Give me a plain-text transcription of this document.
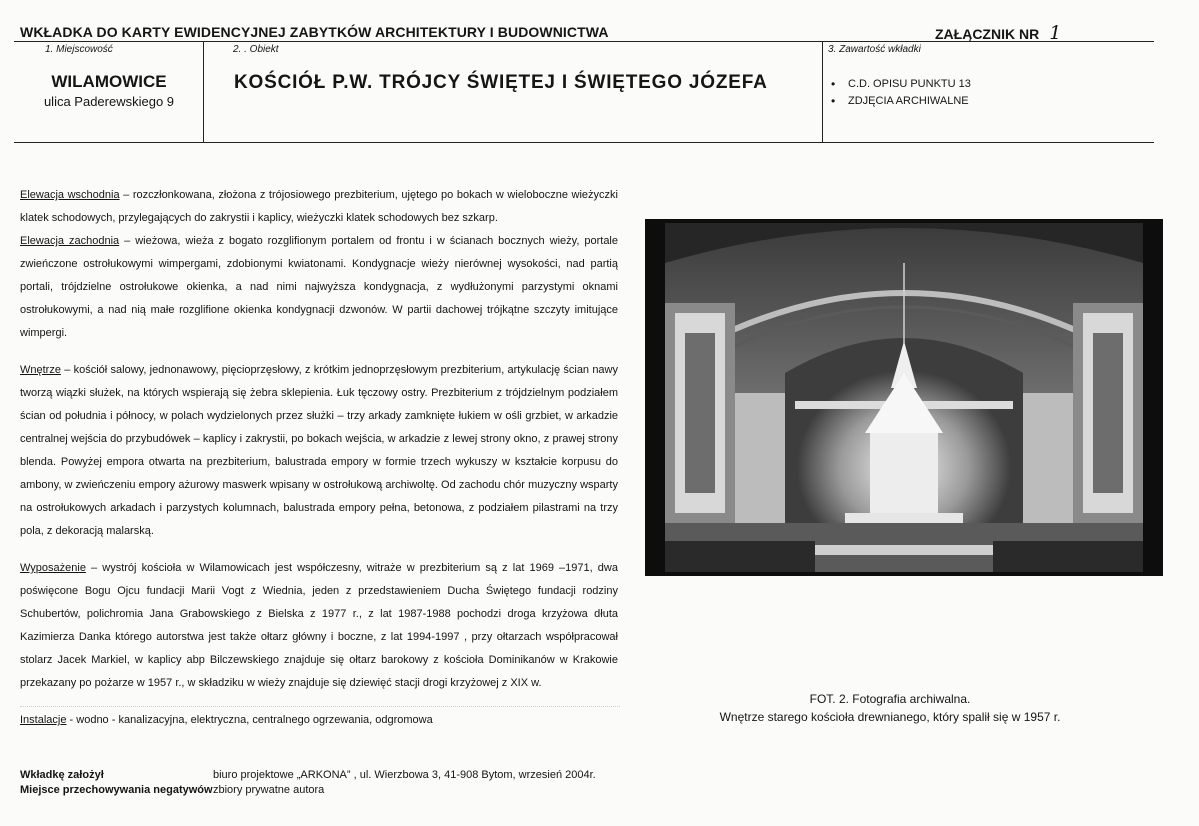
WKŁADKA DO KARTY EWIDENCYJNEJ ZABYTKÓW ARCHITEKTURY I BUDOWNICTWA	ZAŁĄCZNIK NR 1
1. Miejscowość	2. . Obiekt	3. Zawartość wkładki
WILAMOWICE
ulica Paderewskiego 9
KOŚCIÓŁ P.W. TRÓJCY ŚWIĘTEJ I ŚWIĘTEGO JÓZEFA
•	C.D. OPISU PUNKTU 13
• ZDJĘCIA ARCHIWALNE

Elewacja wschodnia – rozczłonkowana, złożona z trójosiowego prezbiterium, ujętego po bokach w wieloboczne wieżyczki klatek schodowych, przylegających do zakrystii i kaplicy, wieżyczki klatek schodowych bez szkarp.
Elewacja zachodnia – wieżowa, wieża z bogato rozglifionym portalem od frontu i w ścianach bocznych wieży, portale zwieńczone ostrołukowymi wimpergami, zdobionymi kwiatonami. Kondygnacje wieży nierównej wysokości, nad partią portali, trójdzielne ostrołukowe okienka, a nad nimi najwyższa kondygnacja, z wydłużonymi parzystymi oknami ostrołukowymi, a nad nią małe rozglifione okienka kondygnacji dzwonów. W partii dachowej trójkątne szczyty imitujące wimpergi.

Wnętrze – kościół salowy, jednonawowy, pięcioprzęsłowy, z krótkim jednoprzęsłowym prezbiterium, artykulację ścian nawy tworzą wiązki służek, na których wspierają się żebra sklepienia. Łuk tęczowy ostry. Prezbiterium z trójdzielnym podziałem ścian od południa i północy, w polach wydzielonych przez służki – trzy arkady zamknięte łukiem w ośli grzbiet, w arkadzie centralnej wejścia do przybudówek – kaplicy i zakrystii, po bokach wejścia, w arkadzie z lewej strony okno, z prawej strony blenda. Powyżej empora otwarta na prezbiterium, balustrada empory w formie trzech wykuszy w kształcie korpusu do ambony, w zwieńczeniu empory ażurowy maswerk wpisany w ostrołukową archiwoltę. Od zachodu chór muzyczny wsparty na ostrołukowych arkadach i parzystych kolumnach, balustrada empory pełna, betonowa, z podziałem pilastrami na trzy pola, z dekoracją malarską.

Wyposażenie – wystrój kościoła w Wilamowicach jest współczesny, witraże w prezbiterium są z lat 1969 –1971, dwa poświęcone Bogu Ojcu fundacji Marii Vogt z Wiednia, jeden z przedstawieniem Ducha Świętego fundacji rodziny Schubertów, polichromia Jana Grabowskiego z Bielska z 1977 r., z lat 1987-1988 pochodzi droga krzyżowa dłuta Kazimierza Danka którego autorstwa jest także ołtarz główny i boczne, z lat 1994-1997 , przy ołtarzach współpracował stolarz Jacek Markiel, w kaplicy abp Bilczewskiego znajduje się ołtarz barokowy z kościoła Dominikanów w Krakowie przekazany po pożarze w 1957 r., w składziku w wieży znajduje się dziewięć stacji drogi krzyżowej z XIX w.

Instalacje - wodno - kanalizacyjna, elektryczna, centralnego ogrzewania, odgromowa

FOT. 2. Fotografia archiwalna.
Wnętrze starego kościoła drewnianego, który spalił się w 1957 r.
Wkładkę założył	biuro projektowe „ARKONA” , ul. Wierzbowa 3, 41-908 Bytom, wrzesień 2004r.
Miejsce przechowywania negatywówzbiory prywatne autora
